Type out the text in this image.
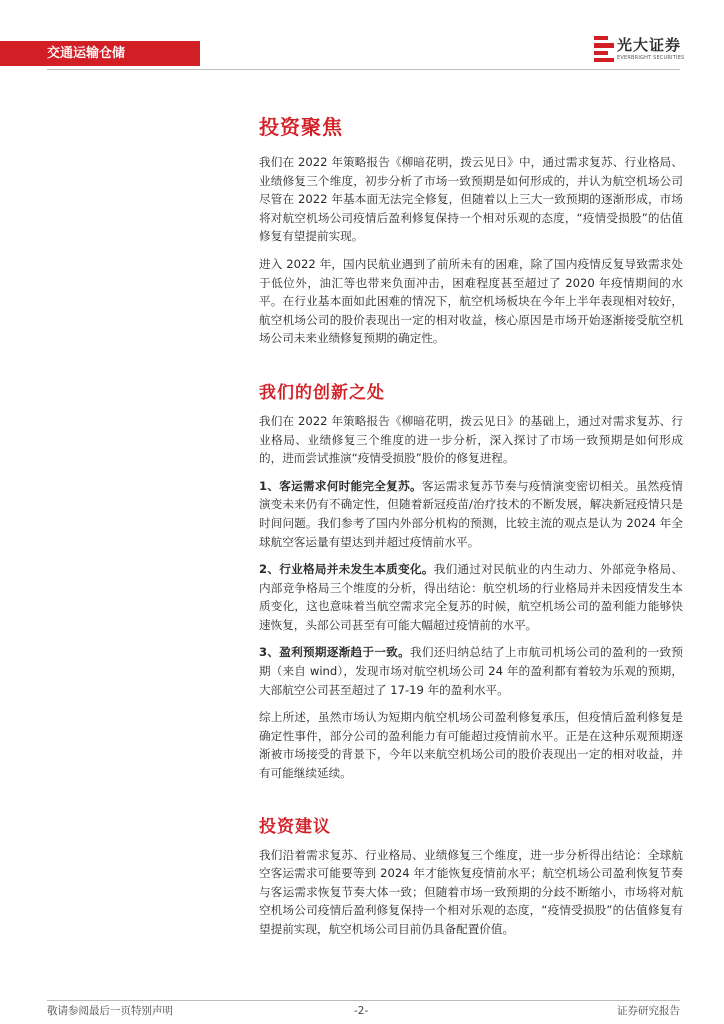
交通运输仓储	光大证券
EVERBRIGHT SECURITIES
投资聚焦

我们在 2022 年策略报告《柳暗花明，拨云见日》中，通过需求复苏、行业格局、业绩修复三个维度，初步分析了市场一致预期是如何形成的，并认为航空机场公司尽管在 2022 年基本面无法完全修复，但随着以上三大一致预期的逐渐形成，市场将对航空机场公司疫情后盈利修复保持一个相对乐观的态度，“疫情受损股”的估值修复有望提前实现。

进入 2022 年，国内民航业遇到了前所未有的困难，除了国内疫情反复导致需求处于低位外，油汇等也带来负面冲击，困难程度甚至超过了 2020 年疫情期间的水平。在行业基本面如此困难的情况下，航空机场板块在今年上半年表现相对较好，航空机场公司的股价表现出一定的相对收益，核心原因是市场开始逐渐接受航空机场公司未来业绩修复预期的确定性。

我们的创新之处

我们在 2022 年策略报告《柳暗花明，拨云见日》的基础上，通过对需求复苏、行业格局、业绩修复三个维度的进一步分析，深入探讨了市场一致预期是如何形成的，进而尝试推演“疫情受损股”股价的修复进程。

1、客运需求何时能完全复苏。客运需求复苏节奏与疫情演变密切相关。虽然疫情演变未来仍有不确定性，但随着新冠疫苗/治疗技术的不断发展，解决新冠疫情只是时间问题。我们参考了国内外部分机构的预测，比较主流的观点是认为 2024 年全球航空客运量有望达到并超过疫情前水平。

2、行业格局并未发生本质变化。我们通过对民航业的内生动力、外部竞争格局、内部竞争格局三个维度的分析，得出结论：航空机场的行业格局并未因疫情发生本质变化，这也意味着当航空需求完全复苏的时候，航空机场公司的盈利能力能够快速恢复，头部公司甚至有可能大幅超过疫情前的水平。

3、盈利预期逐渐趋于一致。我们还归纳总结了上市航司机场公司的盈利的一致预期（来自 wind），发现市场对航空机场公司 24 年的盈利都有着较为乐观的预期，大部航空公司甚至超过了 17-19 年的盈利水平。

综上所述，虽然市场认为短期内航空机场公司盈利修复承压，但疫情后盈利修复是确定性事件，部分公司的盈利能力有可能超过疫情前水平。正是在这种乐观预期逐渐被市场接受的背景下，今年以来航空机场公司的股价表现出一定的相对收益，并有可能继续延续。

投资建议

我们沿着需求复苏、行业格局、业绩修复三个维度，进一步分析得出结论：全球航空客运需求可能要等到 2024 年才能恢复疫情前水平；航空机场公司盈利恢复节奏与客运需求恢复节奏大体一致；但随着市场一致预期的分歧不断缩小，市场将对航空机场公司疫情后盈利修复保持一个相对乐观的态度，“疫情受损股”的估值修复有望提前实现，航空机场公司目前仍具备配置价值。

敬请参阅最后一页特别声明	-2-	证券研究报告
